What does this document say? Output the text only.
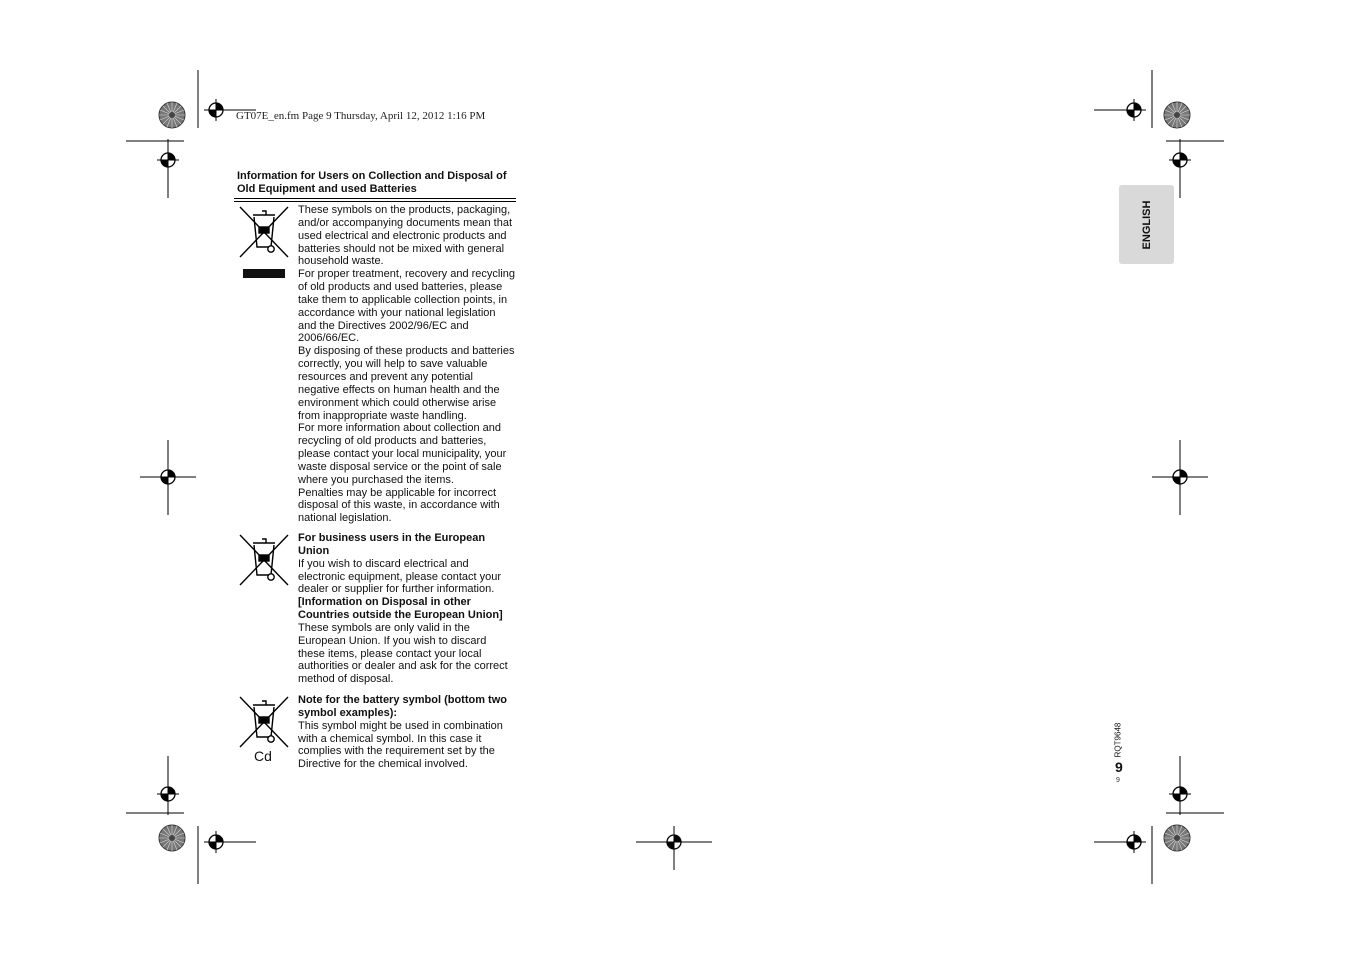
GT07E_en.fm Page 9 Thursday, April 12, 2012 1:16 PM
Information for Users on Collection and Disposal of Old Equipment and used Batteries
Cd

These symbols on the products, packaging, and/or accompanying documents mean that used electrical and electronic products and batteries should not be mixed with general household waste.

For proper treatment, recovery and recycling of old products and used batteries, please take them to applicable collection points, in accordance with your national legislation and the Directives 2002/96/EC and 2006/66/EC.

By disposing of these products and batteries correctly, you will help to save valuable resources and prevent any potential negative effects on human health and the environment which could otherwise arise from inappropriate waste handling.

For more information about collection and recycling of old products and batteries, please contact your local municipality, your waste disposal service or the point of sale where you purchased the items.

Penalties may be applicable for incorrect disposal of this waste, in accordance with national legislation.

For business users in the European Union

If you wish to discard electrical and electronic equipment, please contact your dealer or supplier for further information.

[Information on Disposal in other Countries outside the European Union]

These symbols are only valid in the European Union. If you wish to discard these items, please contact your local authorities or dealer and ask for the correct method of disposal.

Note for the battery symbol (bottom two symbol examples):

This symbol might be used in combination with a chemical symbol. In this case it complies with the requirement set by the Directive for the chemical involved.

ENGLISH
RQT9648
9
9
